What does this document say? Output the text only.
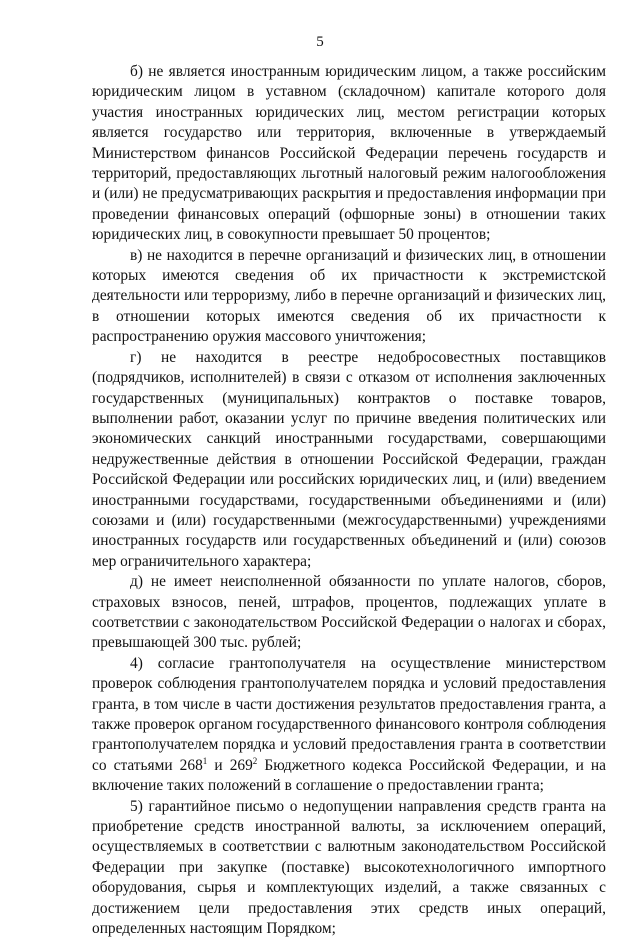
5

б) не является иностранным юридическим лицом, а также российским юридическим лицом в уставном (складочном) капитале которого доля участия иностранных юридических лиц, местом регистрации которых является государство или территория, включенные в утверждаемый Министерством финансов Российской Федерации перечень государств и территорий, предоставляющих льготный налоговый режим налогообложения и (или) не предусматривающих раскрытия и предоставления информации при проведении финансовых операций (офшорные зоны) в отношении таких юридических лиц, в совокупности превышает 50 процентов;

в) не находится в перечне организаций и физических лиц, в отношении которых имеются сведения об их причастности к экстремистской деятельности или терроризму, либо в перечне организаций и физических лиц, в отношении которых имеются сведения об их причастности к распространению оружия массового уничтожения;

г) не находится в реестре недобросовестных поставщиков (подрядчиков, исполнителей) в связи с отказом от исполнения заключенных государственных (муниципальных) контрактов о поставке товаров, выполнении работ, оказании услуг по причине введения политических или экономических санкций иностранными государствами, совершающими недружественные действия в отношении Российской Федерации, граждан Российской Федерации или российских юридических лиц, и (или) введением иностранными государствами, государственными объединениями и (или) союзами и (или) государственными (межгосударственными) учреждениями иностранных государств или государственных объединений и (или) союзов мер ограничительного характера;

д) не имеет неисполненной обязанности по уплате налогов, сборов, страховых взносов, пеней, штрафов, процентов, подлежащих уплате в соответствии с законодательством Российской Федерации о налогах и сборах, превышающей 300 тыс. рублей;

4) согласие грантополучателя на осуществление министерством проверок соблюдения грантополучателем порядка и условий предоставления гранта, в том числе в части достижения результатов предоставления гранта, а также проверок органом государственного финансового контроля соблюдения грантополучателем порядка и условий предоставления гранта в соответствии со статьями $268^1$ и $269^2$ Бюджетного кодекса Российской Федерации, и на включение таких положений в соглашение о предоставлении гранта;

5) гарантийное письмо о недопущении направления средств гранта на приобретение средств иностранной валюты, за исключением операций, осуществляемых в соответствии с валютным законодательством Российской Федерации при закупке (поставке) высокотехнологичного импортного оборудования, сырья и комплектующих изделий, а также связанных с достижением цели предоставления этих средств иных операций, определенных настоящим Порядком;
